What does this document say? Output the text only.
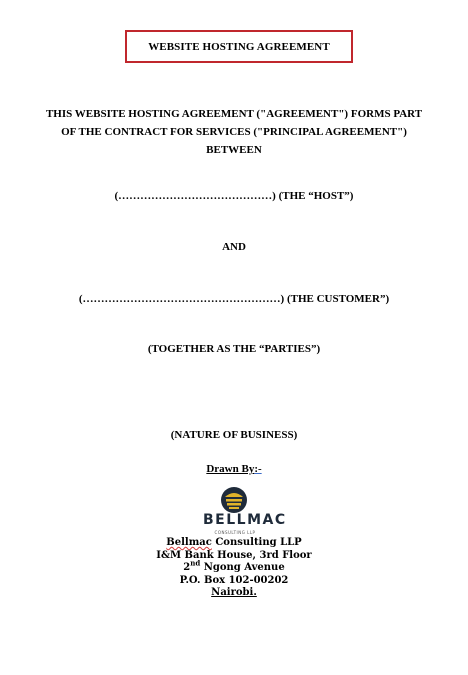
WEBSITE HOSTING AGREEMENT
THIS WEBSITE HOSTING AGREEMENT ("AGREEMENT") FORMS PART
OF THE CONTRACT FOR SERVICES ("PRINCIPAL AGREEMENT")
BETWEEN
(……………………………………) (THE “HOST”)
AND
(………………………………………………) (THE CUSTOMER”)
(TOGETHER AS THE “PARTIES”)
(NATURE OF BUSINESS)
Drawn By:-
BELLMAC
CONSULTING LLP
Bellmac Consulting LLP
I&M Bank House, 3rd Floor
2nd Ngong Avenue
P.O. Box 102-00202
Nairobi.
